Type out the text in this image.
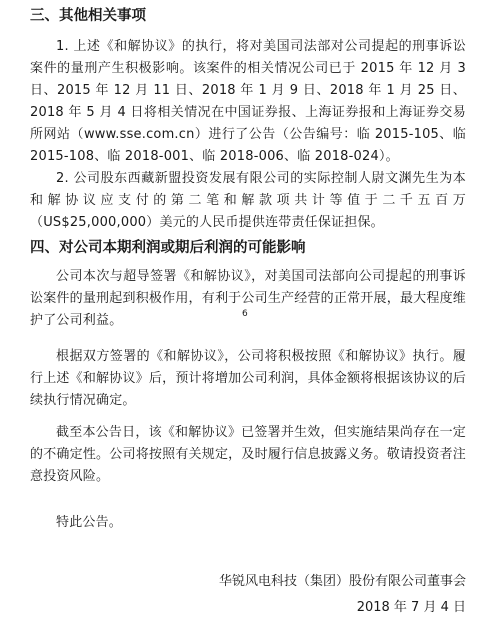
三、其他相关事项
1. 上述《和解协议》的执行，将对美国司法部对公司提起的刑事诉讼案件的量刑产生积极影响。该案件的相关情况公司已于 2015 年 12 月 3 日、2015 年 12 月 11 日、2018 年 1 月 9 日、2018 年 1 月 25 日、2018 年 5 月 4 日将相关情况在中国证券报、上海证券报和上海证券交易所网站（www.sse.com.cn）进行了公告（公告编号：临 2015-105、临 2015-108、临 2018-001、临 2018-006、临 2018-024）。
2. 公司股东西藏新盟投资发展有限公司的实际控制人尉文渊先生为本和解协议应支付的第二笔和解款项共计等值于二千五百万（US$25,000,000）美元的人民币提供连带责任保证担保。
四、对公司本期利润或期后利润的可能影响
公司本次与超导签署《和解协议》，对美国司法部向公司提起的刑事诉讼案件的量刑起到积极作用，有利于公司生产经营的正常开展，最大程度维护了公司利益。	6
根据双方签署的《和解协议》，公司将积极按照《和解协议》执行。履行上述《和解协议》后，预计将增加公司利润，具体金额将根据该协议的后续执行情况确定。
截至本公告日，该《和解协议》已签署并生效，但实施结果尚存在一定的不确定性。公司将按照有关规定，及时履行信息披露义务。敬请投资者注意投资风险。
特此公告。
华锐风电科技（集团）股份有限公司董事会
2018 年 7 月 4 日
